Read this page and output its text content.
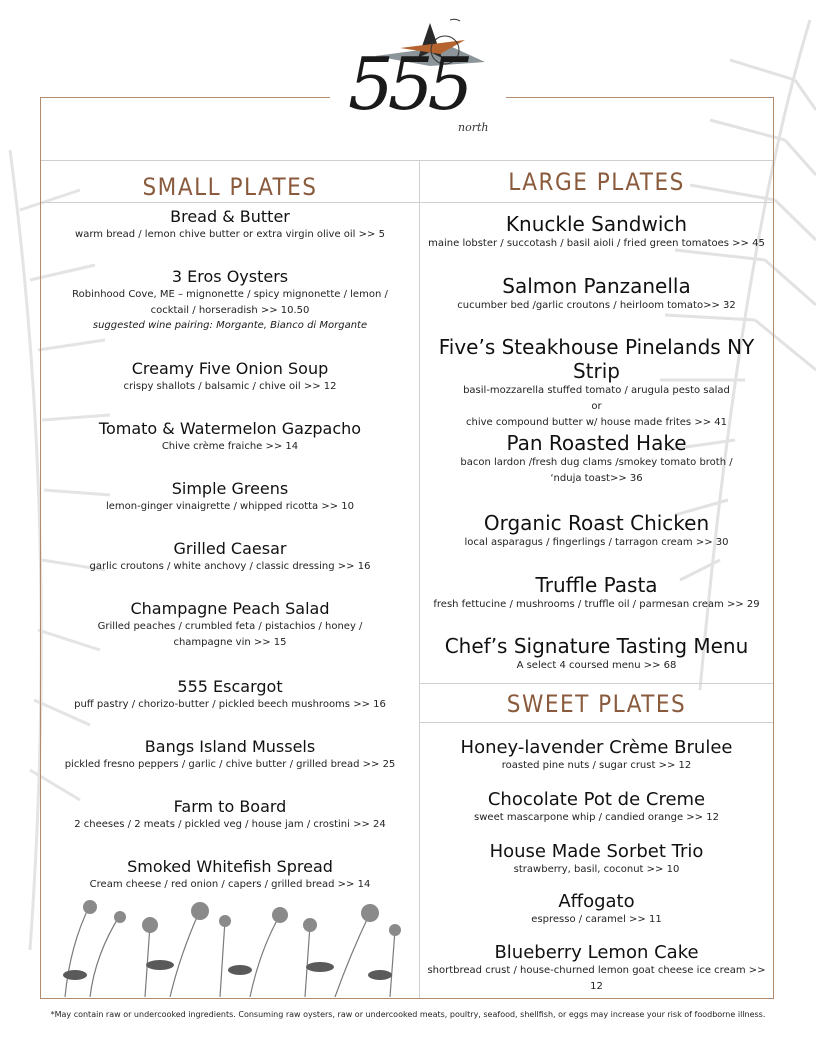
555
north
SMALL PLATES
Bread & Butter
warm bread / lemon chive butter or extra virgin olive oil >> 5
3 Eros Oysters
Robinhood Cove, ME – mignonette / spicy mignonette / lemon / cocktail / horseradish >> 10.50
suggested wine pairing: Morgante, Bianco di Morgante
Creamy Five Onion Soup
crispy shallots / balsamic / chive oil >> 12
Tomato & Watermelon Gazpacho
Chive crème fraiche >> 14
Simple Greens
lemon-ginger vinaigrette / whipped ricotta >> 10
Grilled Caesar
garlic croutons / white anchovy / classic dressing >> 16
Champagne Peach Salad
Grilled peaches / crumbled feta / pistachios / honey / champagne vin >> 15
555 Escargot
puff pastry / chorizo-butter / pickled beech mushrooms >> 16
Bangs Island Mussels
pickled fresno peppers / garlic / chive butter / grilled bread >> 25
Farm to Board
2 cheeses / 2 meats / pickled veg / house jam / crostini >> 24
Smoked Whitefish Spread
Cream cheese / red onion / capers / grilled bread >> 14
LARGE PLATES
Knuckle Sandwich
maine lobster / succotash / basil aioli / fried green tomatoes >> 45
Salmon Panzanella
cucumber bed /garlic croutons / heirloom tomato>> 32
Five’s Steakhouse Pinelands NY Strip
basil-mozzarella stuffed tomato / arugula pesto salad
or
chive compound butter w/ house made frites >> 41
Pan Roasted Hake
bacon lardon /fresh dug clams /smokey tomato broth / ‘nduja toast>> 36
Organic Roast Chicken
local asparagus / fingerlings / tarragon cream >> 30
Truffle Pasta
fresh fettucine / mushrooms / truffle oil / parmesan cream >> 29
Chef’s Signature Tasting Menu
A select 4 coursed menu >> 68
SWEET PLATES
Honey-lavender Crème Brulee
roasted pine nuts / sugar crust >> 12
Chocolate Pot de Creme
sweet mascarpone whip / candied orange >> 12
House Made Sorbet Trio
strawberry, basil, coconut >> 10
Affogato
espresso / caramel >> 11
Blueberry Lemon Cake
shortbread crust / house-churned lemon goat cheese ice cream >> 12
*May contain raw or undercooked ingredients. Consuming raw oysters, raw or undercooked meats, poultry, seafood, shellfish, or eggs may increase your risk of foodborne illness.
